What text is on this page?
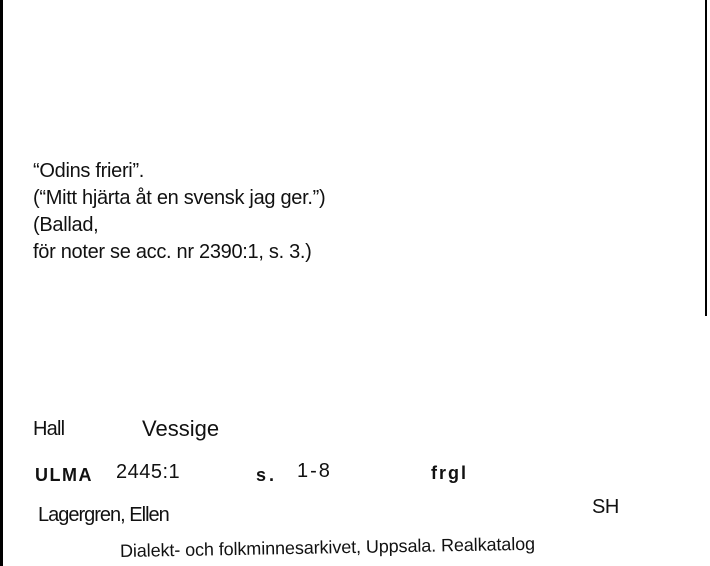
“Odins frieri”.
(“Mitt hjärta åt en svensk jag ger.”)
(Ballad,
för noter se acc. nr 2390:1, s. 3.)
Hall	Vessige
ULMA 2445:1	s. 1-8	frgl
Lagergren, Ellen	SH
Dialekt- och folkminnesarkivet, Uppsala. Realkatalog
